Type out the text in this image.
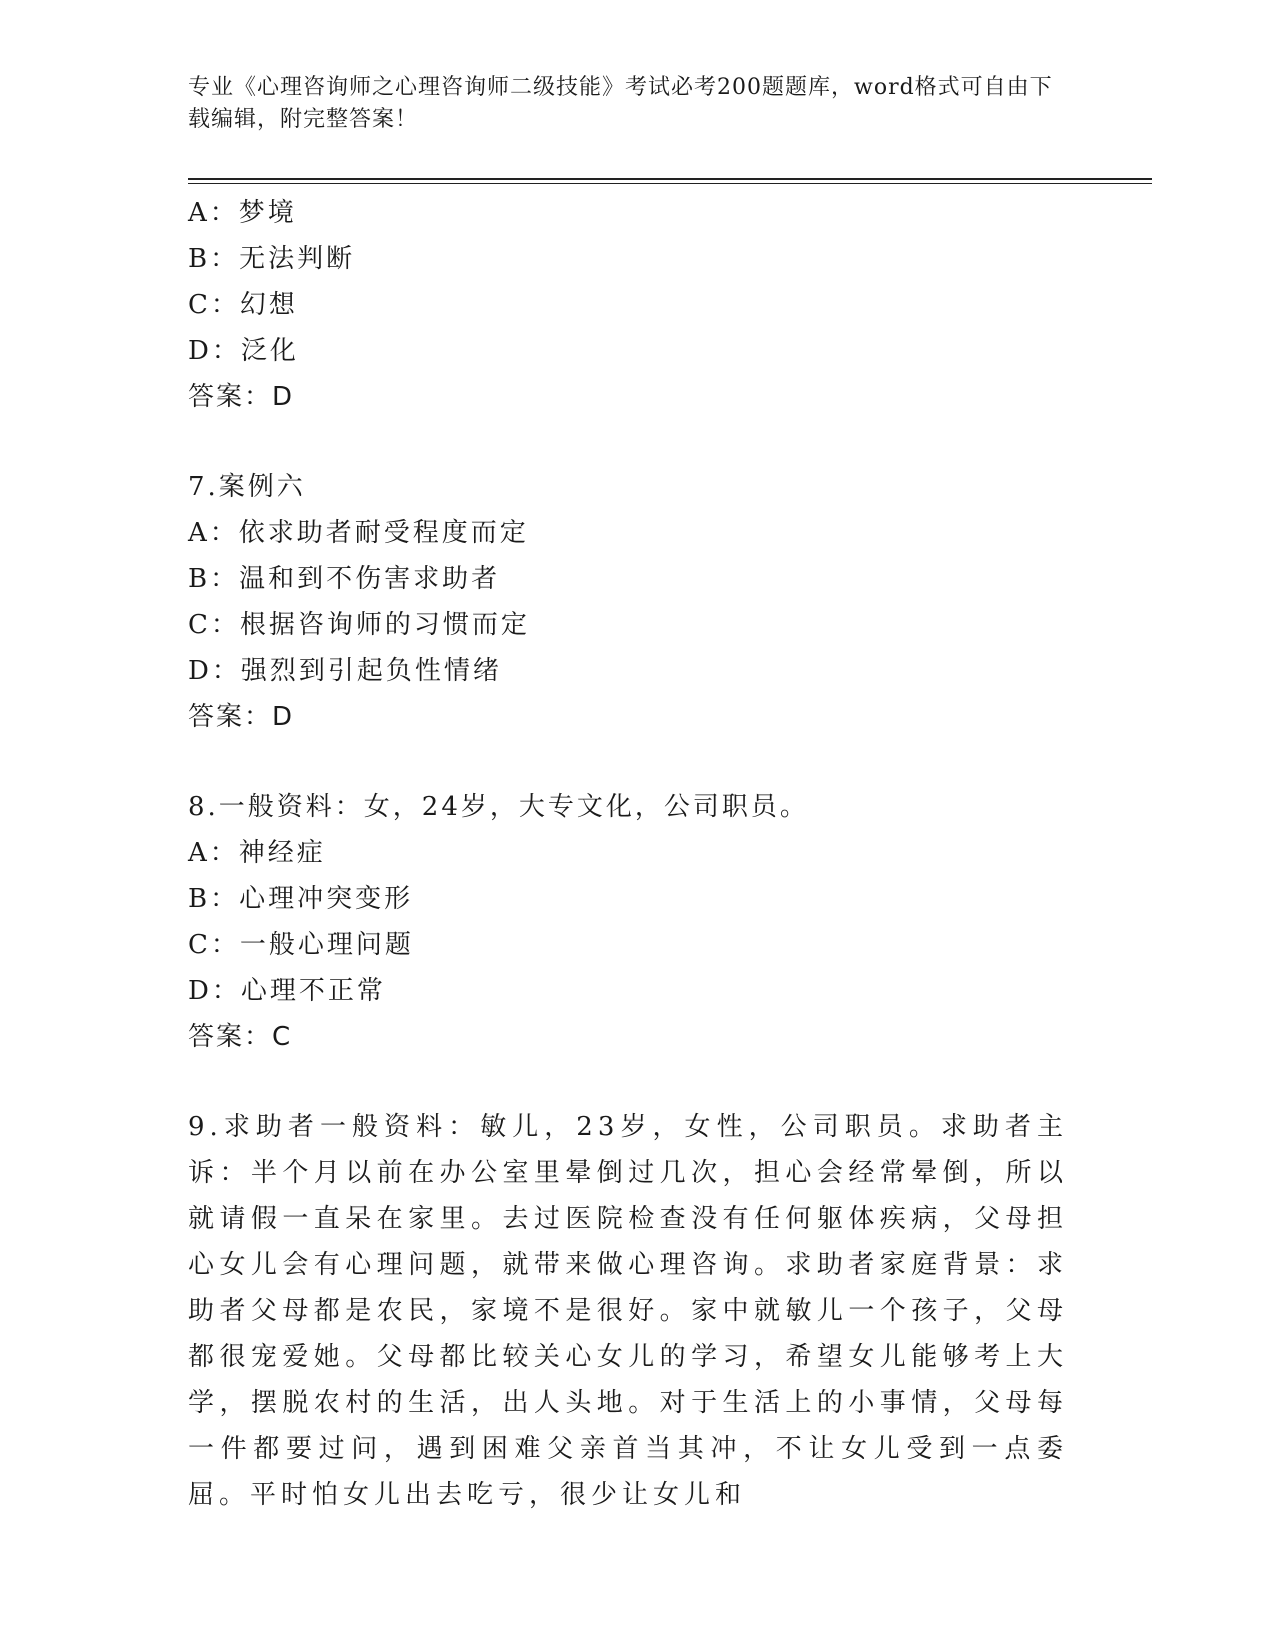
专业《心理咨询师之心理咨询师二级技能》考试必考200题题库，word格式可自由下载编辑，附完整答案！
A：梦境
B：无法判断
C：幻想
D：泛化
答案：D
7.案例六
A：依求助者耐受程度而定
B：温和到不伤害求助者
C：根据咨询师的习惯而定
D：强烈到引起负性情绪
答案：D
8.一般资料：女，24岁，大专文化，公司职员。
A：神经症
B：心理冲突变形
C：一般心理问题
D：心理不正常
答案：C
9.求助者一般资料：敏儿，23岁，女性，公司职员。求助者主诉：半个月以前在办公室里晕倒过几次，担心会经常晕倒，所以就请假一直呆在家里。去过医院检查没有任何躯体疾病，父母担心女儿会有心理问题，就带来做心理咨询。求助者家庭背景：求助者父母都是农民，家境不是很好。家中就敏儿一个孩子，父母都很宠爱她。父母都比较关心女儿的学习，希望女儿能够考上大学，摆脱农村的生活，出人头地。对于生活上的小事情，父母每一件都要过问，遇到困难父亲首当其冲，不让女儿受到一点委屈。平时怕女儿出去吃亏，很少让女儿和
